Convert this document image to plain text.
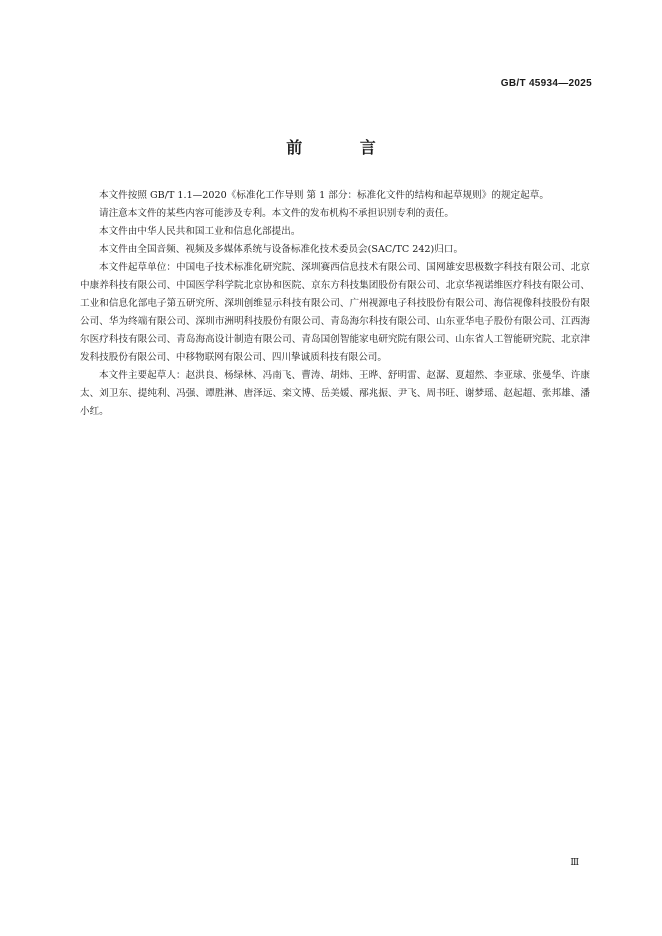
GB/T 45934—2025
前 言

本文件按照 GB/T 1.1—2020《标准化工作导则 第 1 部分：标准化文件的结构和起草规则》的规定起草。

请注意本文件的某些内容可能涉及专利。本文件的发布机构不承担识别专利的责任。

本文件由中华人民共和国工业和信息化部提出。

本文件由全国音频、视频及多媒体系统与设备标准化技术委员会(SAC/TC 242)归口。

本文件起草单位：中国电子技术标准化研究院、深圳赛西信息技术有限公司、国网雄安思极数字科技有限公司、北京中康养科技有限公司、中国医学科学院北京协和医院、京东方科技集团股份有限公司、北京华视诺维医疗科技有限公司、工业和信息化部电子第五研究所、深圳创维显示科技有限公司、广州视源电子科技股份有限公司、海信视像科技股份有限公司、华为终端有限公司、深圳市洲明科技股份有限公司、青岛海尔科技有限公司、山东亚华电子股份有限公司、江西海尔医疗科技有限公司、青岛海高设计制造有限公司、青岛国创智能家电研究院有限公司、山东省人工智能研究院、北京津发科技股份有限公司、中移物联网有限公司、四川挚诚质科技有限公司。

本文件主要起草人：赵洪良、杨绿林、冯南飞、曹涛、胡炜、王晔、舒明雷、赵潺、夏超然、李亚球、张曼华、许康太、刘卫东、提纯利、冯强、谭胜淋、唐泽远、栾文博、岳美媛、邴兆振、尹飞、周书旺、谢梦瑶、赵起超、张邦雄、潘小红。

Ⅲ
